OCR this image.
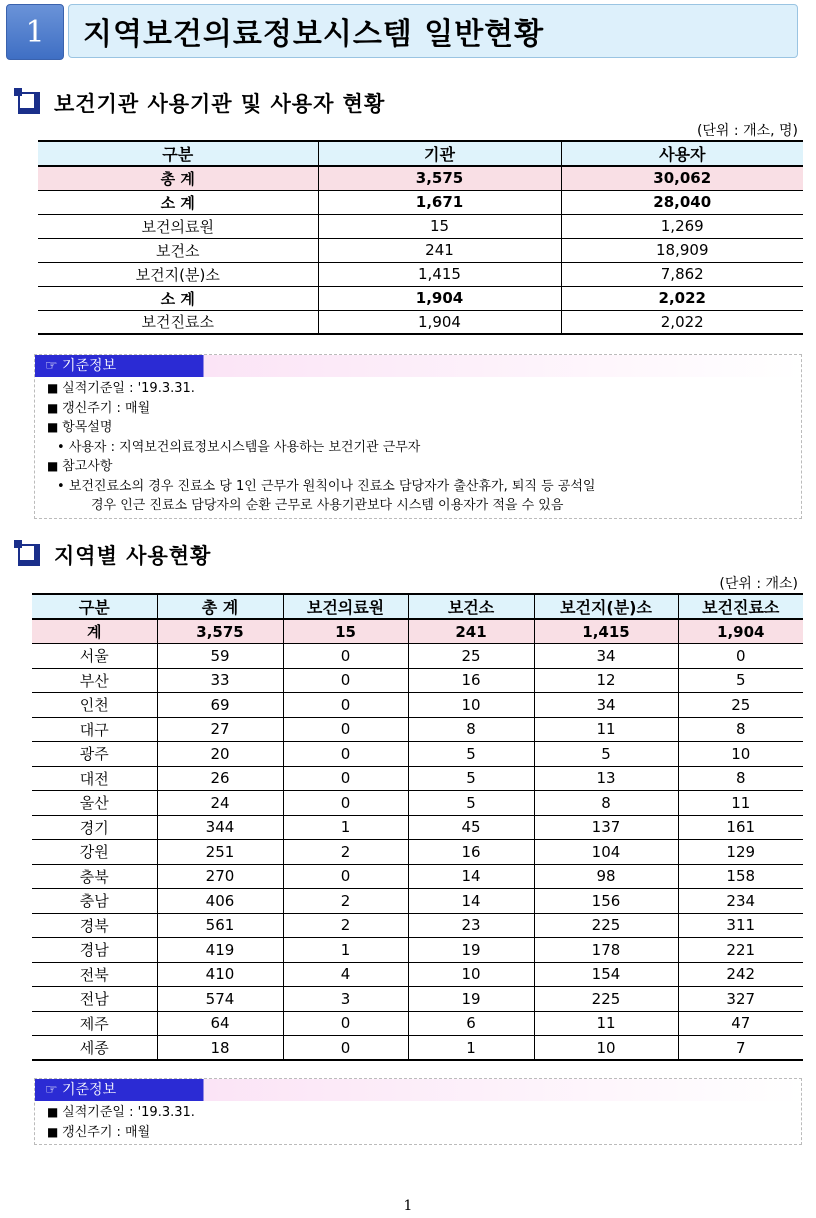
1	지역보건의료정보시스템 일반현황
보건기관 사용기관 및 사용자 현황
(단위 : 개소, 명)
구분	기관	사용자
총 계	3,575	30,062
소 계	1,671	28,040
보건의료원	15	1,269
보건소	241	18,909
보건지(분)소	1,415	7,862
소 계	1,904	2,022
보건진료소	1,904	2,022
☞ 기준정보
■ 실적기준일 : '19.3.31.
■ 갱신주기 : 매월
■ 항목설명
• 사용자 : 지역보건의료정보시스템을 사용하는 보건기관 근무자
■ 참고사항
• 보건진료소의 경우 진료소 당 1인 근무가 원칙이나 진료소 담당자가 출산휴가, 퇴직 등 공석일
경우 인근 진료소 담당자의 순환 근무로 사용기관보다 시스템 이용자가 적을 수 있음
지역별 사용현황
(단위 : 개소)
구분	총 계	보건의료원	보건소	보건지(분)소	보건진료소
계	3,575	15	241	1,415	1,904
서울	59	0	25	34	0
부산	33	0	16	12	5
인천	69	0	10	34	25
대구	27	0	8	11	8
광주	20	0	5	5	10
대전	26	0	5	13	8
울산	24	0	5	8	11
경기	344	1	45	137	161
강원	251	2	16	104	129
충북	270	0	14	98	158
충남	406	2	14	156	234
경북	561	2	23	225	311
경남	419	1	19	178	221
전북	410	4	10	154	242
전남	574	3	19	225	327
제주	64	0	6	11	47
세종	18	0	1	10	7
☞ 기준정보
■ 실적기준일 : '19.3.31.
■ 갱신주기 : 매월
1
